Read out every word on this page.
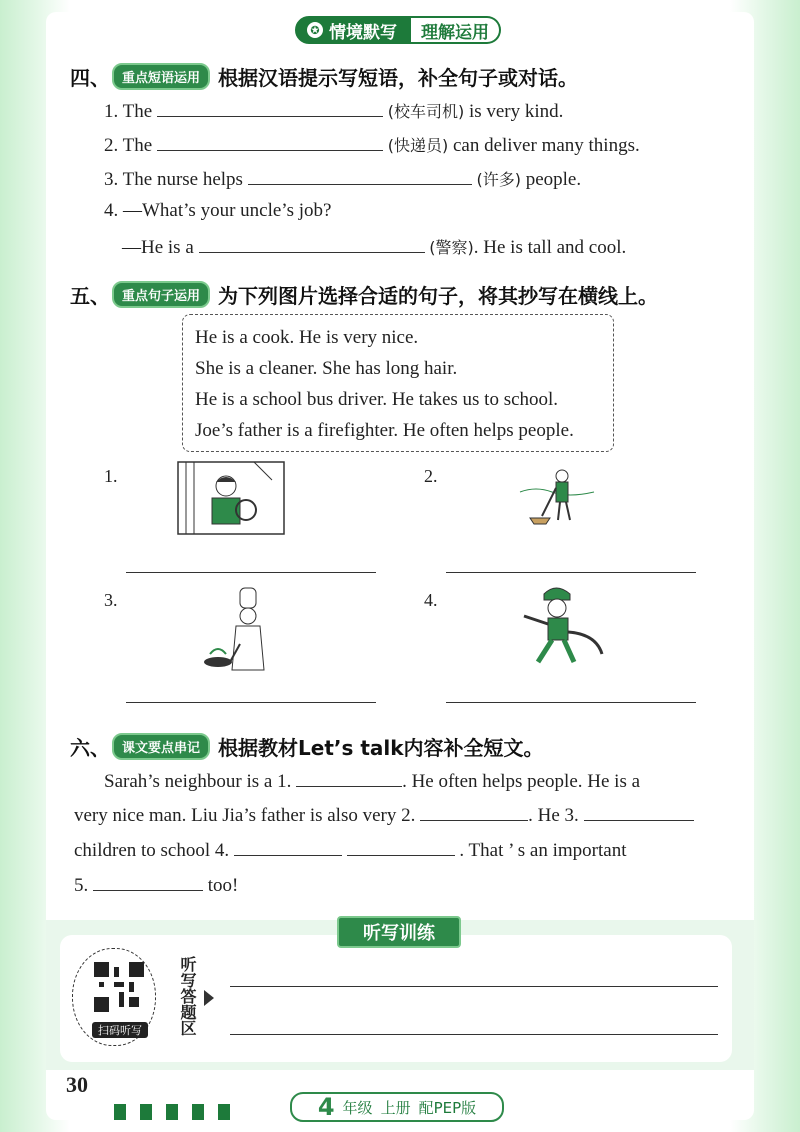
✪ 情境默写	理解运用
四、 重点短语运用 根据汉语提示写短语，补全句子或对话。
1. The	(校车司机) is very kind.
2. The	(快递员) can deliver many things.
3. The nurse helps	(许多) people.
4. —What’s your uncle’s job?
—He is a	(警察). He is tall and cool.
五、 重点句子运用 为下列图片选择合适的句子，将其抄写在横线上。
He is a cook. He is very nice.
She is a cleaner. She has long hair.
He is a school bus driver. He takes us to school.
Joe’s father is a firefighter. He often helps people.
1.	2.
3.	4.
六、 课文要点串记 根据教材Let’s talk内容补全短文。
Sarah’s neighbour is a 1.	. He often helps people. He is a
very nice man. Liu Jia’s father is also very 2.	. He 3.
children to school 4.	. That ’ s an important
5.	too!
听写训练
扫码听写	听写答题区
30
4 年级 上册 配PEP版
